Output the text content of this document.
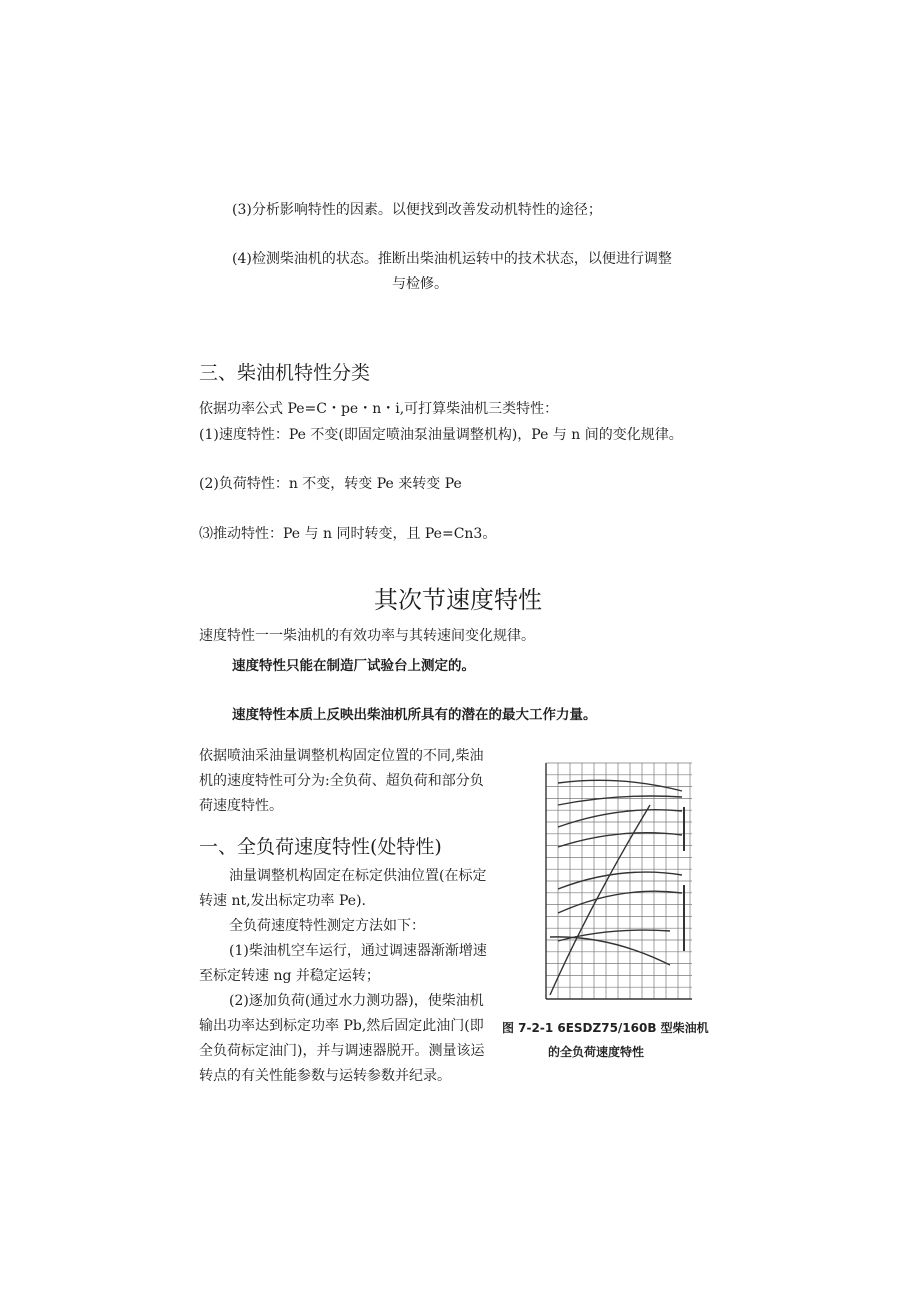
(3)分析影响特性的因素。以便找到改善发动机特性的途径；
(4)检测柴油机的状态。推断出柴油机运转中的技术状态，以便进行调整
与检修。
三、柴油机特性分类
依据功率公式 Pe=C・pe・n・i,可打算柴油机三类特性：
(1)速度特性：Pe 不变(即固定喷油泵油量调整机构)，Pe 与 n 间的变化规律。
(2)负荷特性：n 不变，转变 Pe 来转变 Pe
⑶推动特性：Pe 与 n 同时转变，且 Pe=Cn3。
其次节速度特性
速度特性一一柴油机的有效功率与其转速间变化规律。
速度特性只能在制造厂试验台上测定的。
速度特性本质上反映出柴油机所具有的潜在的最大工作力量。

依据喷油采油量调整机构固定位置的不同,柴油机的速度特性可分为:全负荷、超负荷和部分负荷速度特性。

一、全负荷速度特性(处特性)

油量调整机构固定在标定供油位置(在标定转速 nt,发出标定功率 Pe).

全负荷速度特性测定方法如下：

(1)柴油机空车运行，通过调速器渐渐增速至标定转速 ng 并稳定运转；

(2)逐加负荷(通过水力测功器)，使柴油机输出功率达到标定功率 Pb,然后固定此油门(即全负荷标定油门)，并与调速器脱开。测量该运转点的有关性能参数与运转参数并纪录。

图 7-2-1 6ESDZ75/160B 型柴油机
的全负荷速度特性
